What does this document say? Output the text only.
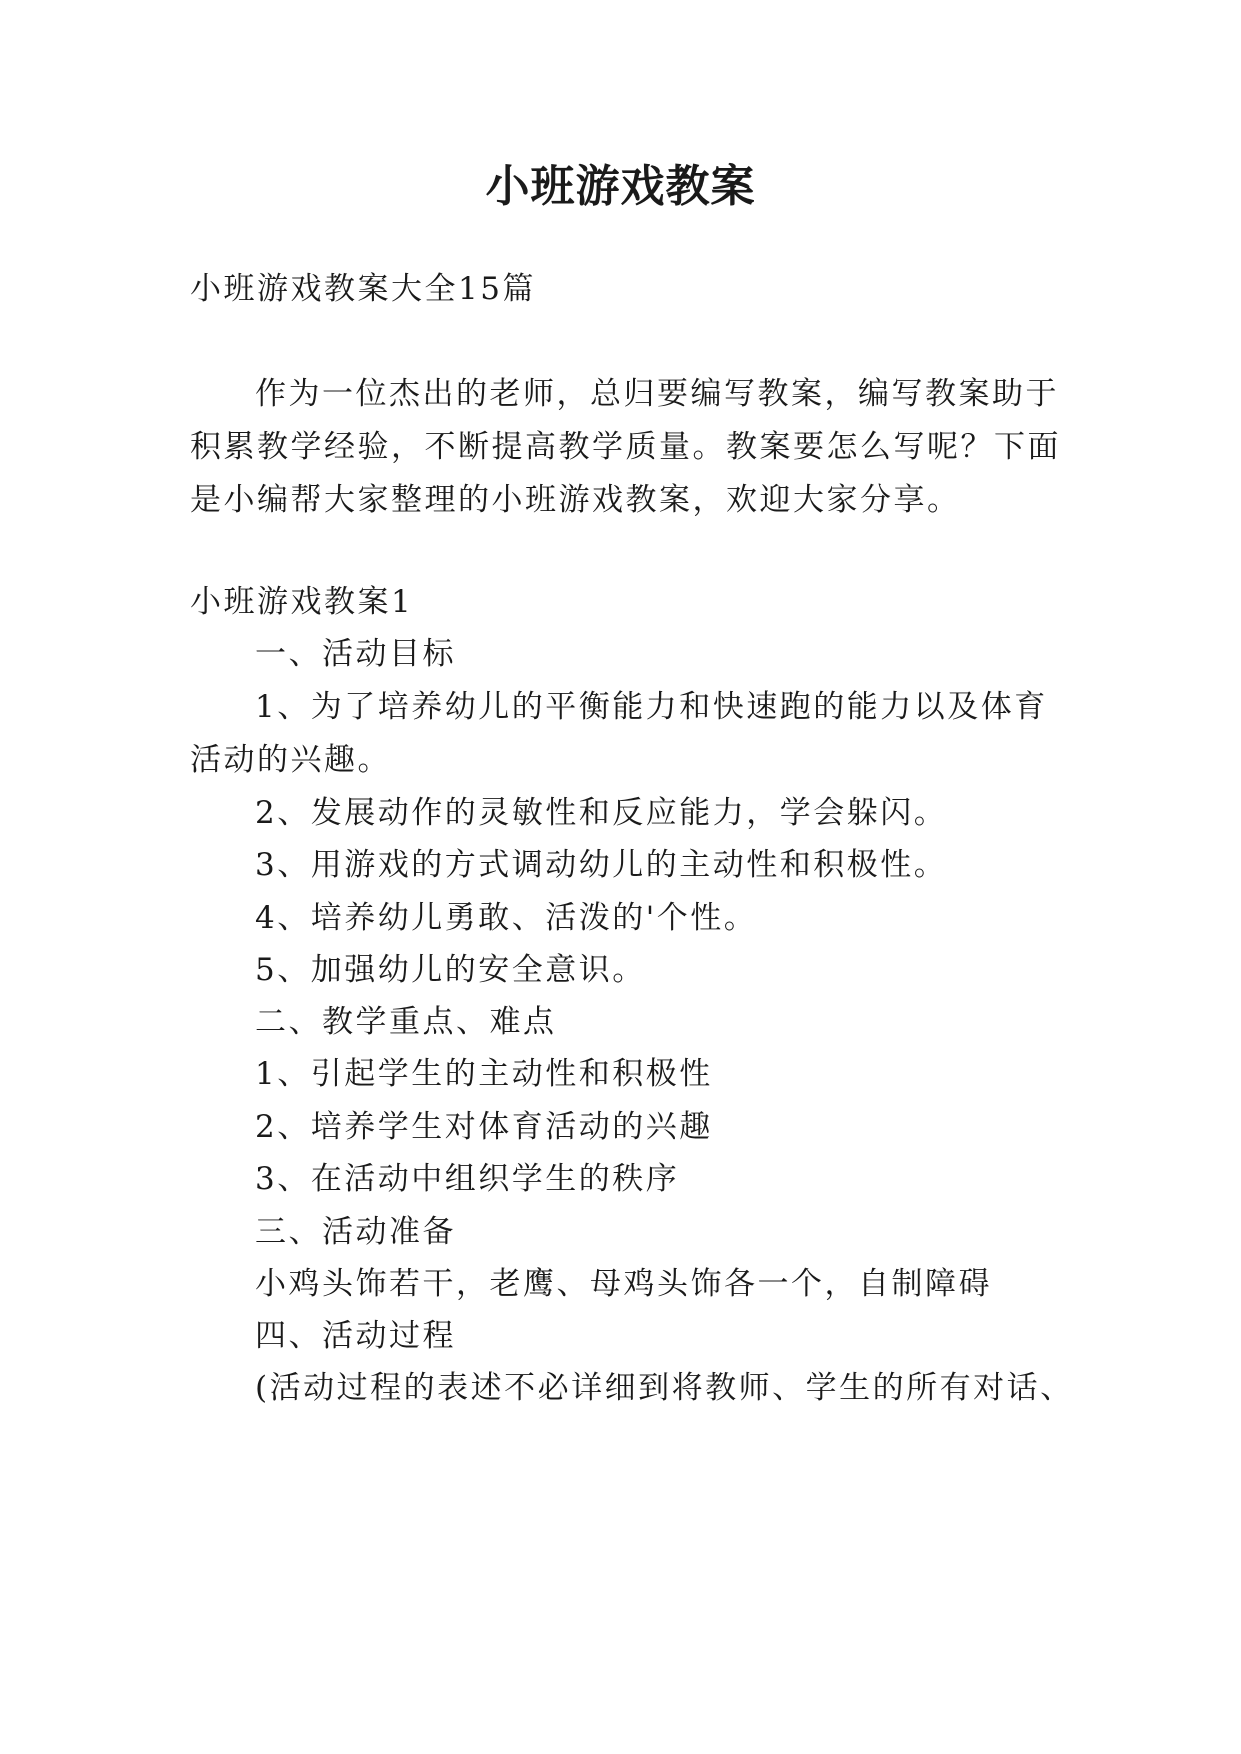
小班游戏教案

小班游戏教案大全15篇

作为一位杰出的老师，总归要编写教案，编写教案助于

积累教学经验，不断提高教学质量。教案要怎么写呢？下面

是小编帮大家整理的小班游戏教案，欢迎大家分享。

小班游戏教案1

一、活动目标

1、为了培养幼儿的平衡能力和快速跑的能力以及体育

活动的兴趣。

2、发展动作的灵敏性和反应能力，学会躲闪。

3、用游戏的方式调动幼儿的主动性和积极性。

4、培养幼儿勇敢、活泼的'个性。

5、加强幼儿的安全意识。

二、教学重点、难点

1、引起学生的主动性和积极性

2、培养学生对体育活动的兴趣

3、在活动中组织学生的秩序

三、活动准备

小鸡头饰若干，老鹰、母鸡头饰各一个，自制障碍

四、活动过程

(活动过程的表述不必详细到将教师、学生的所有对话、
